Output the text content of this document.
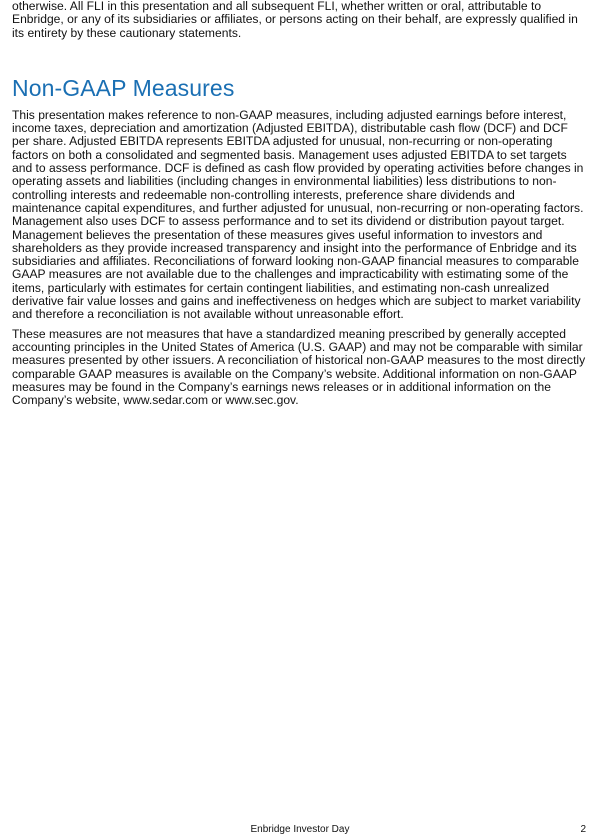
otherwise. All FLI in this presentation and all subsequent FLI, whether written or oral, attributable to Enbridge, or any of its subsidiaries or affiliates, or persons acting on their behalf, are expressly qualified in its entirety by these cautionary statements.

Non-GAAP Measures

This presentation makes reference to non-GAAP measures, including adjusted earnings before interest, income taxes, depreciation and amortization (Adjusted EBITDA), distributable cash flow (DCF) and DCF per share. Adjusted EBITDA represents EBITDA adjusted for unusual, non-recurring or non-operating factors on both a consolidated and segmented basis. Management uses adjusted EBITDA to set targets and to assess performance. DCF is defined as cash flow provided by operating activities before changes in operating assets and liabilities (including changes in environmental liabilities) less distributions to non-controlling interests and redeemable non-controlling interests, preference share dividends and maintenance capital expenditures, and further adjusted for unusual, non-recurring or non-operating factors. Management also uses DCF to assess performance and to set its dividend or distribution payout target. Management believes the presentation of these measures gives useful information to investors and shareholders as they provide increased transparency and insight into the performance of Enbridge and its subsidiaries and affiliates. Reconciliations of forward looking non-GAAP financial measures to comparable GAAP measures are not available due to the challenges and impracticability with estimating some of the items, particularly with estimates for certain contingent liabilities, and estimating non-cash unrealized derivative fair value losses and gains and ineffectiveness on hedges which are subject to market variability and therefore a reconciliation is not available without unreasonable effort.

These measures are not measures that have a standardized meaning prescribed by generally accepted accounting principles in the United States of America (U.S. GAAP) and may not be comparable with similar measures presented by other issuers. A reconciliation of historical non-GAAP measures to the most directly comparable GAAP measures is available on the Company’s website. Additional information on non-GAAP measures may be found in the Company’s earnings news releases or in additional information on the Company’s website, www.sedar.com or www.sec.gov.

Enbridge Investor Day	2
